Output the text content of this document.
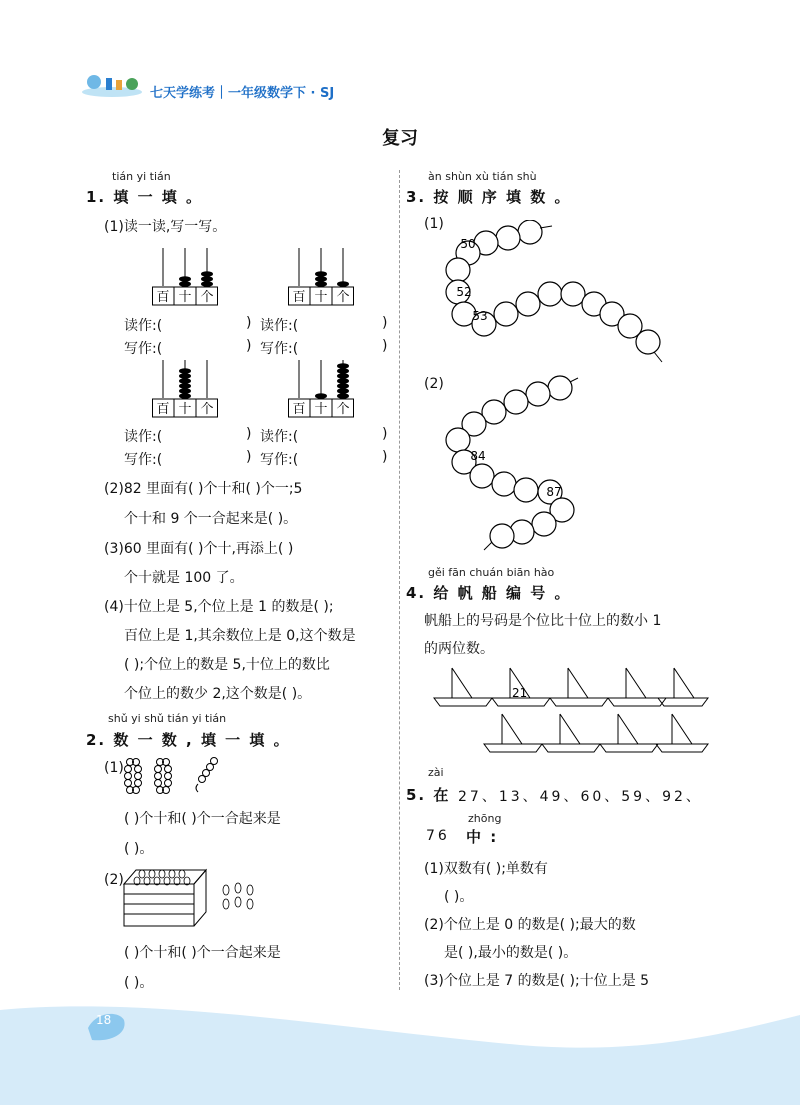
18
七天学练考｜一年级数学下 · SJ
复习
tián yi tián
1. 填 一 填 。
(1)读一读,写一写。
百 十 个	百 十 个
读作:(	) 读作:(	)
写作:(	) 写作:(	)
百 十 个	百 十 个
读作:(	) 读作:(	)
写作:(	) 写作:(	)
(2)82 里面有( )个十和( )个一;5
个十和 9 个一合起来是( )。
(3)60 里面有( )个十,再添上( )
个十就是 100 了。
(4)十位上是 5,个位上是 1 的数是( );
百位上是 1,其余数位上是 0,这个数是
( );个位上的数是 5,十位上的数比
个位上的数少 2,这个数是( )。
shǔ yi shǔ tián yi tián
2. 数 一 数 , 填 一 填 。
(1)
( )个十和( )个一合起来是
( )。
(2)
( )个十和( )个一合起来是
( )。
àn shùn xù tián shù
3. 按 顺 序 填 数 。
(1)
50
52
53
(2)
84
87
gěi fān chuán biān hào
4. 给 帆 船 编 号 。
帆船上的号码是个位比十位上的数小 1
的两位数。
21
zài
5. 在 27、13、49、60、59、92、
zhōng
76 中 :
(1)双数有( );单数有
( )。
(2)个位上是 0 的数是( );最大的数
是( ),最小的数是( )。
(3)个位上是 7 的数是( );十位上是 5
